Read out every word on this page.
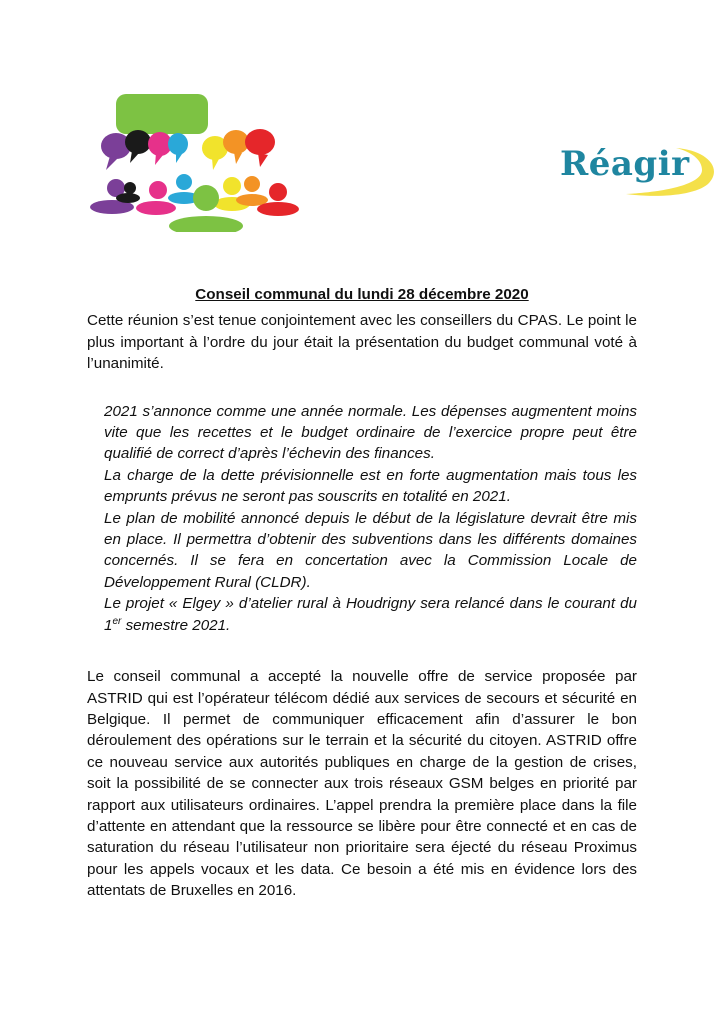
Réagir
Conseil communal du lundi 28 décembre 2020

Cette réunion s’est tenue conjointement avec les conseillers du CPAS. Le point le plus important à l’ordre du jour était la présentation du budget communal voté à l’unanimité.

2021 s’annonce comme une année normale. Les dépenses augmentent moins vite que les recettes et le budget ordinaire de l’exercice propre peut être qualifié de correct d’après l’échevin des finances.

La charge de la dette prévisionnelle est en forte augmentation mais tous les emprunts prévus ne seront pas souscrits en totalité en 2021.

Le plan de mobilité annoncé depuis le début de la législature devrait être mis en place. Il permettra d’obtenir des subventions dans les différents domaines concernés. Il se fera en concertation avec la Commission Locale de Développement Rural (CLDR).

Le projet « Elgey » d’atelier rural à Houdrigny sera relancé dans le courant du 1er semestre 2021.

Le conseil communal a accepté la nouvelle offre de service proposée par ASTRID qui est l’opérateur télécom dédié aux services de secours et sécurité en Belgique. Il permet de communiquer efficacement afin d’assurer le bon déroulement des opérations sur le terrain et la sécurité du citoyen. ASTRID offre ce nouveau service aux autorités publiques en charge de la gestion de crises, soit la possibilité de se connecter aux trois réseaux GSM belges en priorité par rapport aux utilisateurs ordinaires. L’appel prendra la première place dans la file d’attente en attendant que la ressource se libère pour être connecté et en cas de saturation du réseau l’utilisateur non prioritaire sera éjecté du réseau Proximus pour les appels vocaux et les data. Ce besoin a été mis en évidence lors des attentats de Bruxelles en 2016.
